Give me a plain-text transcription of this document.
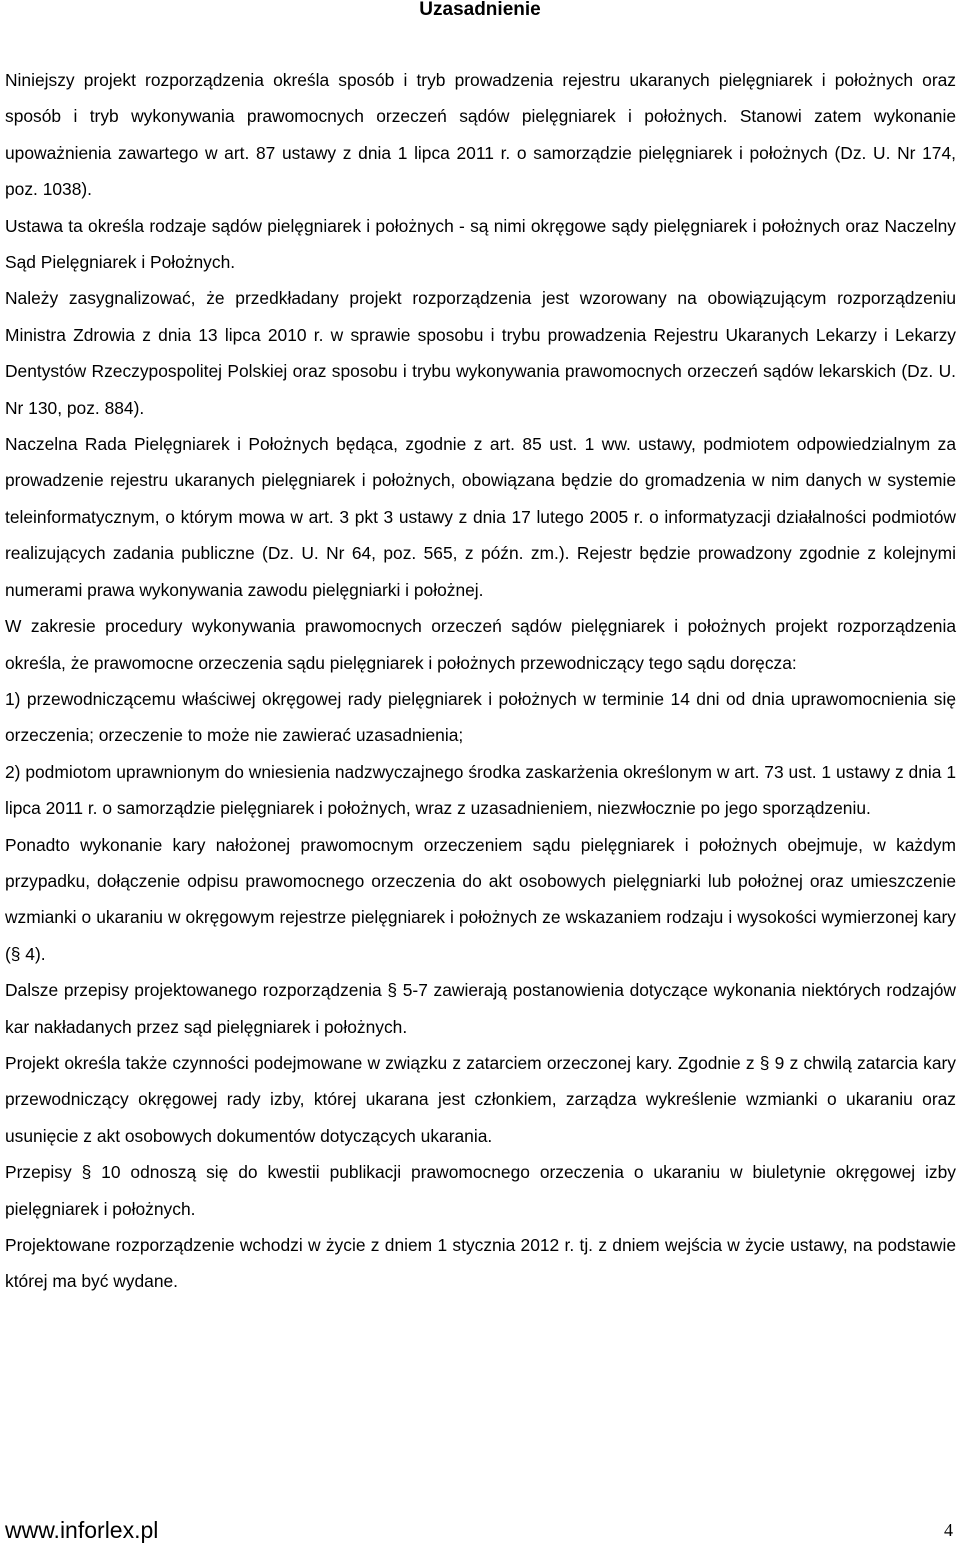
Uzasadnienie

Niniejszy projekt rozporządzenia określa sposób i tryb prowadzenia rejestru ukaranych pielęgniarek i położnych oraz sposób i tryb wykonywania prawomocnych orzeczeń sądów pielęgniarek i położnych. Stanowi zatem wykonanie upoważnienia zawartego w art. 87 ustawy z dnia 1 lipca 2011 r. o samorządzie pielęgniarek i położnych (Dz. U. Nr 174, poz. 1038).

Ustawa ta określa rodzaje sądów pielęgniarek i położnych - są nimi okręgowe sądy pielęgniarek i położnych oraz Naczelny Sąd Pielęgniarek i Położnych.

Należy zasygnalizować, że przedkładany projekt rozporządzenia jest wzorowany na obowiązującym rozporządzeniu Ministra Zdrowia z dnia 13 lipca 2010 r. w sprawie sposobu i trybu prowadzenia Rejestru Ukaranych Lekarzy i Lekarzy Dentystów Rzeczypospolitej Polskiej oraz sposobu i trybu wykonywania prawomocnych orzeczeń sądów lekarskich (Dz. U. Nr 130, poz. 884).

Naczelna Rada Pielęgniarek i Położnych będąca, zgodnie z art. 85 ust. 1 ww. ustawy, podmiotem odpowiedzialnym za prowadzenie rejestru ukaranych pielęgniarek i położnych, obowiązana będzie do gromadzenia w nim danych w systemie teleinformatycznym, o którym mowa w art. 3 pkt 3 ustawy z dnia 17 lutego 2005 r. o informatyzacji działalności podmiotów realizujących zadania publiczne (Dz. U. Nr 64, poz. 565, z późn. zm.). Rejestr będzie prowadzony zgodnie z kolejnymi numerami prawa wykonywania zawodu pielęgniarki i położnej.

W zakresie procedury wykonywania prawomocnych orzeczeń sądów pielęgniarek i położnych projekt rozporządzenia określa, że prawomocne orzeczenia sądu pielęgniarek i położnych przewodniczący tego sądu doręcza:

1) przewodniczącemu właściwej okręgowej rady pielęgniarek i położnych w terminie 14 dni od dnia uprawomocnienia się orzeczenia; orzeczenie to może nie zawierać uzasadnienia;

2) podmiotom uprawnionym do wniesienia nadzwyczajnego środka zaskarżenia określonym w art. 73 ust. 1 ustawy z dnia 1 lipca 2011 r. o samorządzie pielęgniarek i położnych, wraz z uzasadnieniem, niezwłocznie po jego sporządzeniu.

Ponadto wykonanie kary nałożonej prawomocnym orzeczeniem sądu pielęgniarek i położnych obejmuje, w każdym przypadku, dołączenie odpisu prawomocnego orzeczenia do akt osobowych pielęgniarki lub położnej oraz umieszczenie wzmianki o ukaraniu w okręgowym rejestrze pielęgniarek i położnych ze wskazaniem rodzaju i wysokości wymierzonej kary (§ 4).

Dalsze przepisy projektowanego rozporządzenia § 5-7 zawierają postanowienia dotyczące wykonania niektórych rodzajów kar nakładanych przez sąd pielęgniarek i położnych.

Projekt określa także czynności podejmowane w związku z zatarciem orzeczonej kary. Zgodnie z § 9 z chwilą zatarcia kary przewodniczący okręgowej rady izby, której ukarana jest członkiem, zarządza wykreślenie wzmianki o ukaraniu oraz usunięcie z akt osobowych dokumentów dotyczących ukarania.

Przepisy § 10 odnoszą się do kwestii publikacji prawomocnego orzeczenia o ukaraniu w biuletynie okręgowej izby pielęgniarek i położnych.

Projektowane rozporządzenie wchodzi w życie z dniem 1 stycznia 2012 r. tj. z dniem wejścia w życie ustawy, na podstawie której ma być wydane.

www.inforlex.pl	4
